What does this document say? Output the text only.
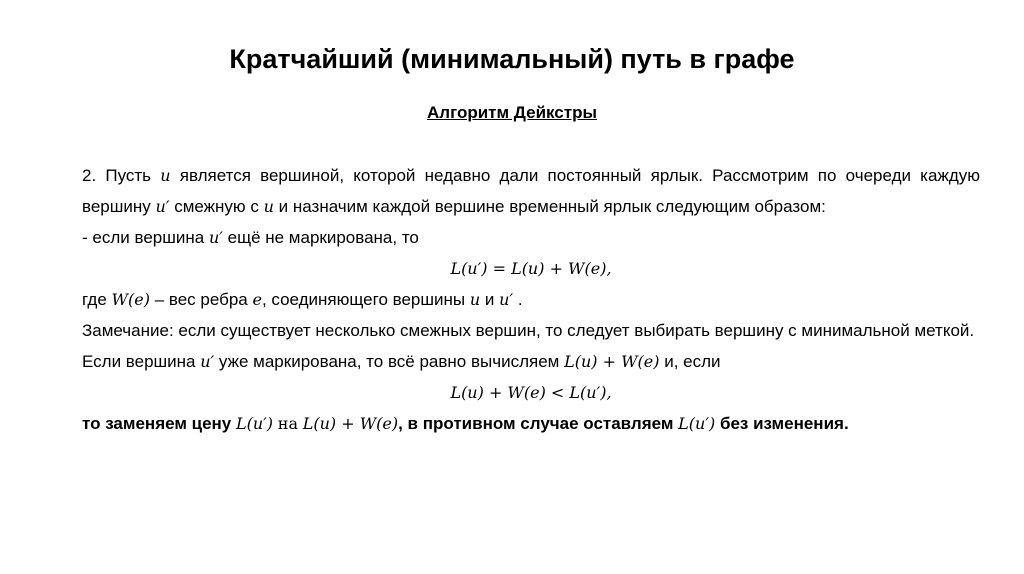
Кратчайший (минимальный) путь в графе
Алгоритм Дейкстры
2. Пусть u является вершиной, которой недавно дали постоянный ярлык. Рассмотрим по очереди каждую вершину u′ смежную с u и назначим каждой вершине временный ярлык следующим образом:
- если вершина u′ ещё не маркирована, то
L(u′) = L(u) + W(e),
где W(e) – вес ребра e, соединяющего вершины u и u′ .
Замечание: если существует несколько смежных вершин, то следует выбирать вершину с минимальной меткой.
Если вершина u′ уже маркирована, то всё равно вычисляем L(u) + W(e) и, если
L(u) + W(e) < L(u′),
то заменяем цену L(u′) на L(u) + W(e), в противном случае оставляем L(u′) без изменения.
